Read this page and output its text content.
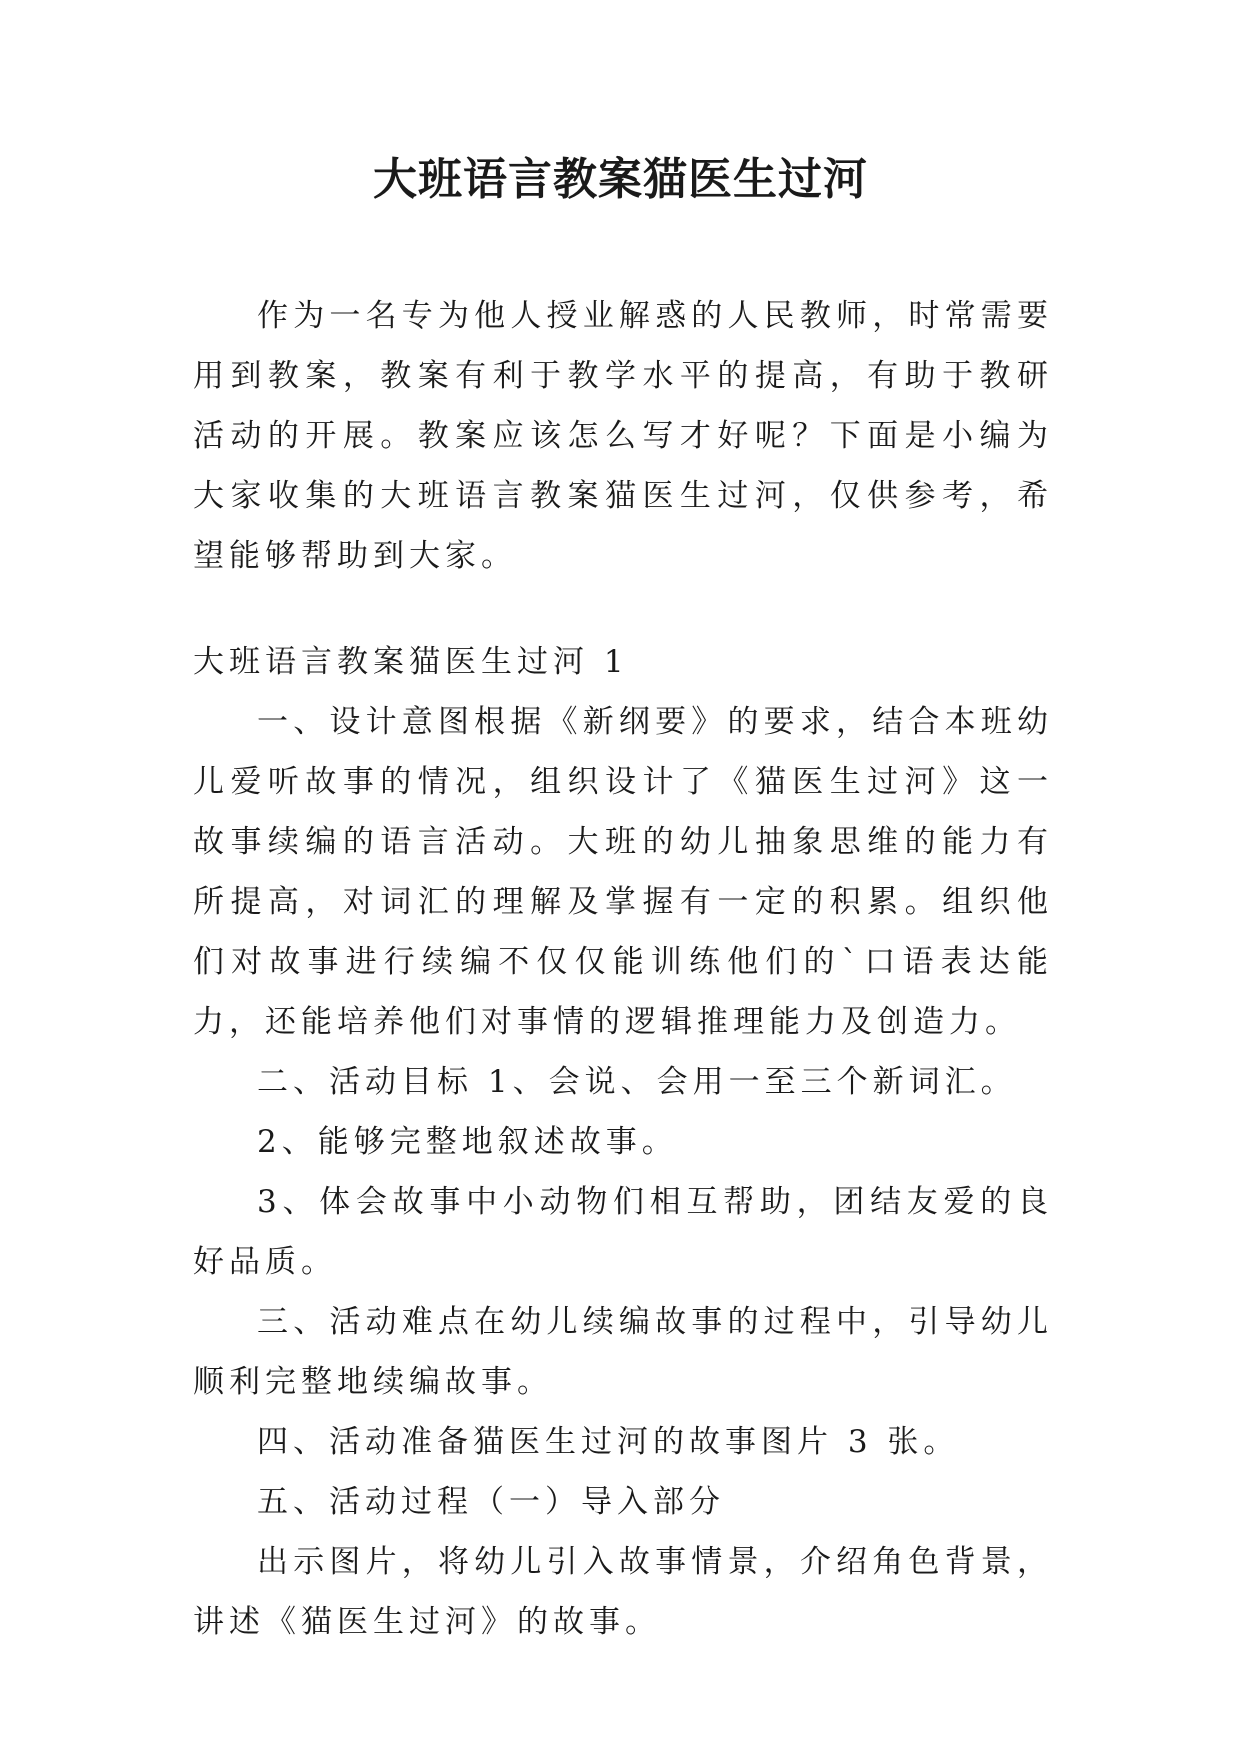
大班语言教案猫医生过河

作为一名专为他人授业解惑的人民教师，时常需要用到教案，教案有利于教学水平的提高，有助于教研活动的开展。教案应该怎么写才好呢？下面是小编为大家收集的大班语言教案猫医生过河，仅供参考，希望能够帮助到大家。

大班语言教案猫医生过河 1

一、设计意图根据《新纲要》的要求，结合本班幼儿爱听故事的情况，组织设计了《猫医生过河》这一故事续编的语言活动。大班的幼儿抽象思维的能力有所提高，对词汇的理解及掌握有一定的积累。组织他们对故事进行续编不仅仅能训练他们的`口语表达能力，还能培养他们对事情的逻辑推理能力及创造力。

二、活动目标 1、会说、会用一至三个新词汇。

2、能够完整地叙述故事。

3、体会故事中小动物们相互帮助，团结友爱的良好品质。

三、活动难点在幼儿续编故事的过程中，引导幼儿顺利完整地续编故事。

四、活动准备猫医生过河的故事图片 3 张。

五、活动过程（一）导入部分

出示图片，将幼儿引入故事情景，介绍角色背景，讲述《猫医生过河》的故事。
